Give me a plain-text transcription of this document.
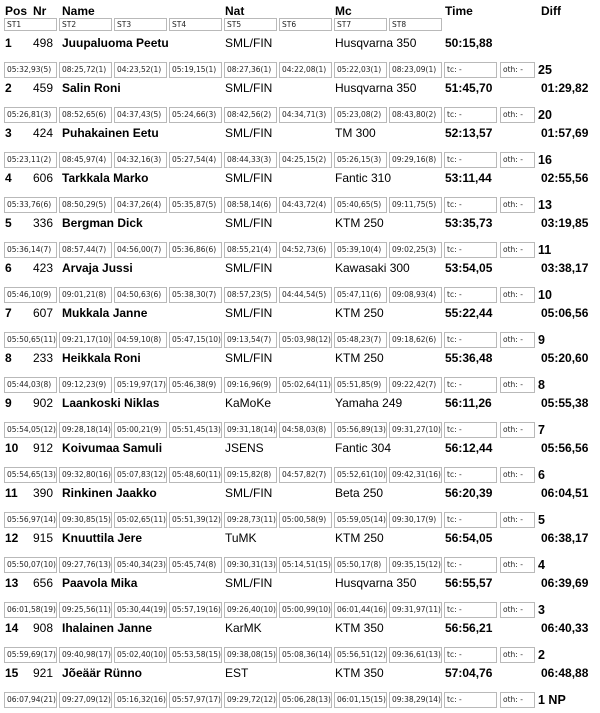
Pos Nr Name	Nat	Mc	Time	Diff
ST1	ST2	ST3	ST4	ST5	ST6	ST7	ST8
1 498 Juupaluoma Peetu	SML/FIN	Husqvarna 350 50:15,88
05:32,93(5)	08:25,72(1)	04:23,52(1)	05:19,15(1)	08:27,36(1)	04:22,08(1)	05:22,03(1)	08:23,09(1)	tc: -	oth: -	25
2 459 Salin Roni	SML/FIN	Husqvarna 350 51:45,70	01:29,82
05:26,81(3)	08:52,65(6)	04:37,43(5)	05:24,66(3)	08:42,56(2)	04:34,71(3)	05:23,08(2)	08:43,80(2)	tc: -	oth: -	20
3 424 Puhakainen Eetu	SML/FIN	TM 300	52:13,57	01:57,69
05:23,11(2)	08:45,97(4)	04:32,16(3)	05:27,54(4)	08:44,33(3)	04:25,15(2)	05:26,15(3)	09:29,16(8)	tc: -	oth: -	16
4 606 Tarkkala Marko	SML/FIN	Fantic 310	53:11,44	02:55,56
05:33,76(6)	08:50,29(5)	04:37,26(4)	05:35,87(5)	08:58,14(6)	04:43,72(4)	05:40,65(5)	09:11,75(5)	tc: -	oth: -	13
5 336 Bergman Dick	SML/FIN	KTM 250	53:35,73	03:19,85
05:36,14(7)	08:57,44(7)	04:56,00(7)	05:36,86(6)	08:55,21(4)	04:52,73(6)	05:39,10(4)	09:02,25(3)	tc: -	oth: -	11
6 423 Arvaja Jussi	SML/FIN	Kawasaki 300	53:54,05	03:38,17
05:46,10(9)	09:01,21(8)	04:50,63(6)	05:38,30(7)	08:57,23(5)	04:44,54(5)	05:47,11(6)	09:08,93(4)	tc: -	oth: -	10
7 607 Mukkala Janne	SML/FIN	KTM 250	55:22,44	05:06,56
05:50,65(11) 09:21,17(10) 04:59,10(8)	05:47,15(10) 09:13,54(7)	05:03,98(12) 05:48,23(7)	09:18,62(6)	tc: -	oth: -	9
8 233 Heikkala Roni	SML/FIN	KTM 250	55:36,48	05:20,60
05:44,03(8)	09:12,23(9)	05:19,97(17) 05:46,38(9)	09:16,96(9)	05:02,64(11) 05:51,85(9)	09:22,42(7)	tc: -	oth: -	8
9 902 Laankoski Niklas	KaMoKe	Yamaha 249	56:11,26	05:55,38
05:54,05(12) 09:28,18(14) 05:00,21(9)	05:51,45(13) 09:31,18(14) 04:58,03(8)	05:56,89(13) 09:31,27(10) tc: -	oth: -	7
10 912 Koivumaa Samuli	JSENS	Fantic 304	56:12,44	05:56,56
05:54,65(13) 09:32,80(16) 05:07,83(12) 05:48,60(11) 09:15,82(8)	04:57,82(7)	05:52,61(10) 09:42,31(16) tc: -	oth: -	6
11 390 Rinkinen Jaakko	SML/FIN	Beta 250	56:20,39	06:04,51
05:56,97(14) 09:30,85(15) 05:02,65(11) 05:51,39(12) 09:28,73(11) 05:00,58(9)	05:59,05(14) 09:30,17(9)	tc: -	oth: -	5
12 915 Knuuttila Jere	TuMK	KTM 250	56:54,05	06:38,17
05:50,07(10) 09:27,76(13) 05:40,34(23) 05:45,74(8)	09:30,31(13) 05:14,51(15) 05:50,17(8)	09:35,15(12) tc: -	oth: -	4
13 656 Paavola Mika	SML/FIN	Husqvarna 350 56:55,57	06:39,69
06:01,58(19) 09:25,56(11) 05:30,44(19) 05:57,19(16) 09:26,40(10) 05:00,99(10) 06:01,44(16) 09:31,97(11) tc: -	oth: -	3
14 908 Ihalainen Janne	KarMK	KTM 350	56:56,21	06:40,33
05:59,69(17) 09:40,98(17) 05:02,40(10) 05:53,58(15) 09:38,08(15) 05:08,36(14) 05:56,51(12) 09:36,61(13) tc: -	oth: -	2
15 921 Jõeäär Rünno	EST	KTM 350	57:04,76	06:48,88
06:07,94(21) 09:27,09(12) 05:16,32(16) 05:57,97(17) 09:29,72(12) 05:06,28(13) 06:01,15(15) 09:38,29(14) tc: -	oth: -	1 NP
